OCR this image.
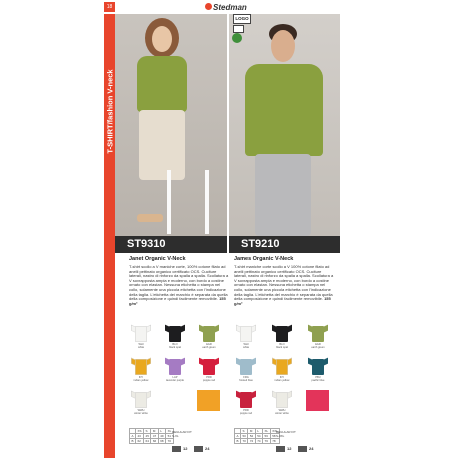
Stedman
LOGO
18
T-SHIRT/fashion V-neck
ST9310	ST9210
Janet Organic V-Neck	James Organic V-Neck
T-shirt scollo a V maniche corte, 100% cotone filato ad anelli pettinato organico certificato OCS. Cuciture laterali, nastro di rinforzo da spalla a spalla. Scollatura a V sovrapposta ampia e moderno, con bordo a costine ornato con elastan. Nessuna etichetta o stampa nel collo, solamente una piccola etichetta con l'indicazione della taglia. L'etichetta dei marchio è separata da quella della composizione e quindi facilmente removibile. 155 g/m²
T-shirt maniche corte scollo a V 100% cotone filato ad anelli pettinato organico certificato OCS. Cuciture laterali, nastro di rinforzo da spalla a spalla. Scollatura a V sovrapposta ampia e moderno, con bordo a costine ornato con elastan. Nessuna etichetta o stampa nel collo, solamente una piccola etichetta con l'indicazione della taglia. L'etichetta del marchio è separata da quella della composizione e quindi facilmente removibile. 155 g/m²
WHI
white
BLO
black opal
EGR
earth green
INY
indian yellow
LAP
lavender purple
PRD
poppie red
WWH
winter white
WHI
white
BLO
black opal
EGR
earth green
FRG
frosted blue
INY
indian yellow
PBU
pacific blue
PRD
poppie red
WWH
winter white
	XS	S	M	L	XL
A	43	45	47	49	51
B	62	64	66	68	70
	S	M	L	XL	XXL
A	50	52	54	56	58
B	70	72	74	76	78
REGULAR FIT
S-XL
12	24
REGULAR FIT
S-3XL
12	24
